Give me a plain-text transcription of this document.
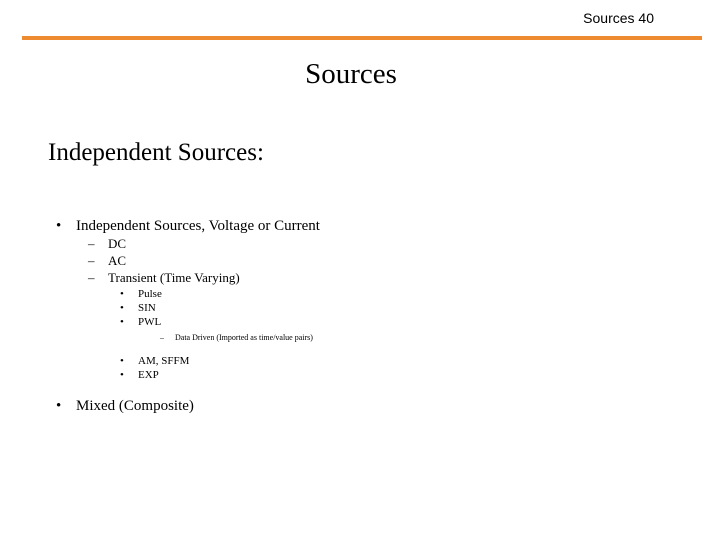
Sources 40
Sources
Independent Sources:
• Independent Sources, Voltage or Current
– DC
– AC
– Transient (Time Varying)
• Pulse
• SIN
• PWL
– Data Driven (Imported as time/value pairs)
• AM, SFFM
• EXP
• Mixed (Composite)
